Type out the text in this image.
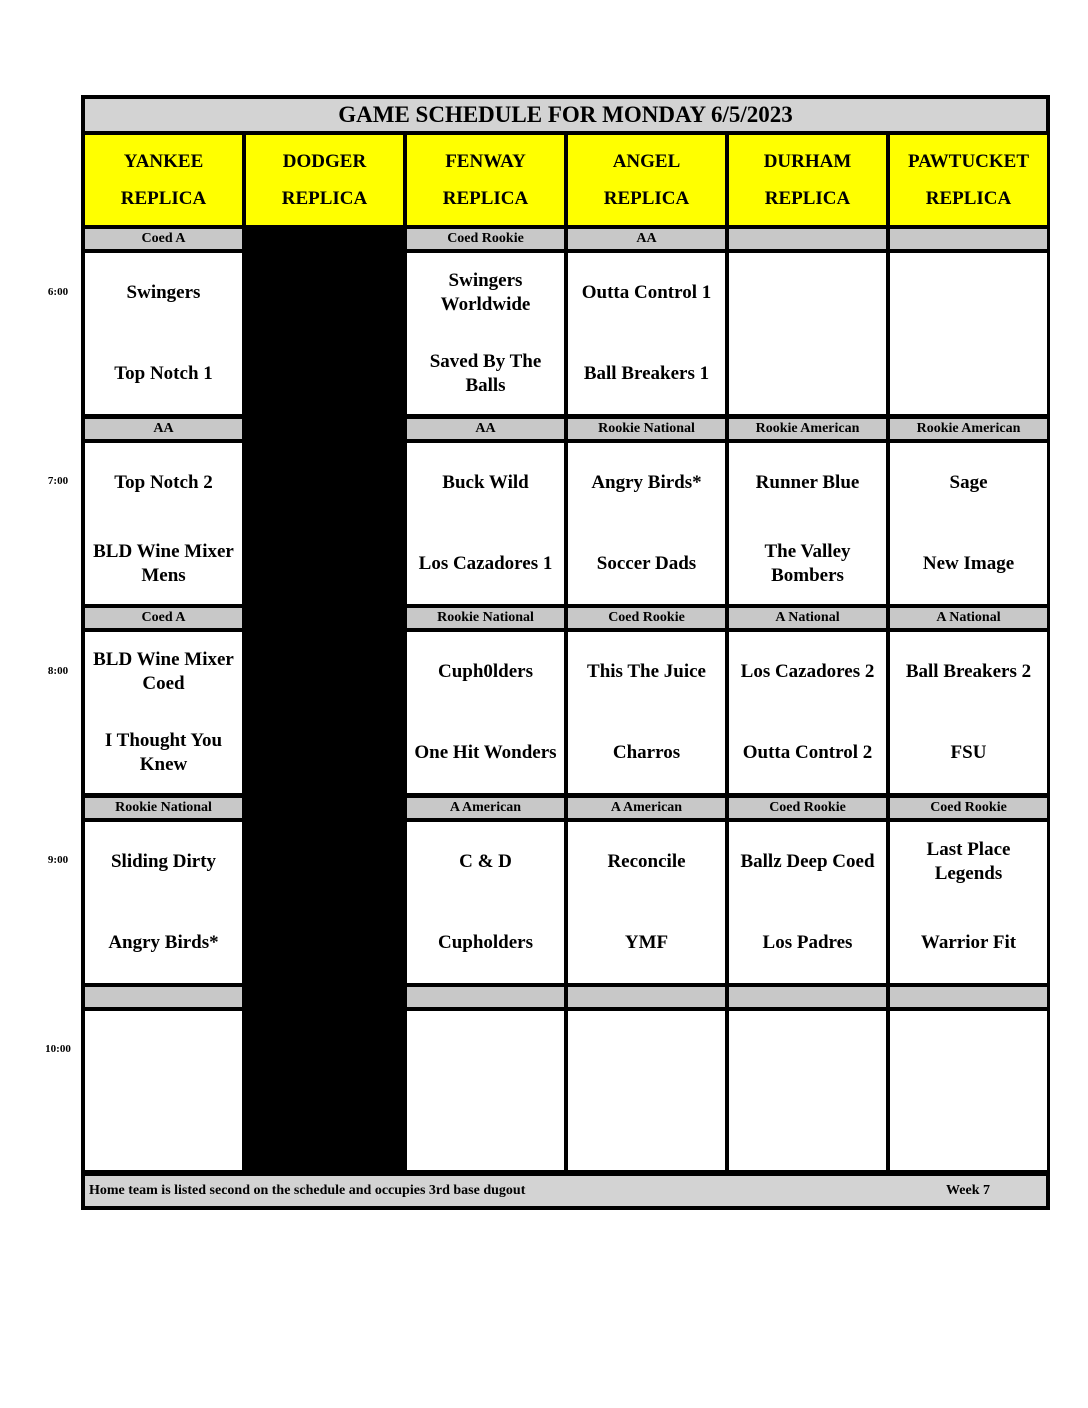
GAME SCHEDULE FOR MONDAY 6/5/2023
YANKEE
REPLICA
DODGER
REPLICA
FENWAY
REPLICA
ANGEL
REPLICA
DURHAM
REPLICA
PAWTUCKET
REPLICA
Coed A
Swingers
Top Notch 1
Coed Rookie
Swingers Worldwide
Saved By The Balls
AA
Outta Control 1
Ball Breakers 1
AA
Top Notch 2
BLD Wine Mixer Mens
AA
Buck Wild
Los Cazadores 1
Rookie National
Angry Birds*
Soccer Dads
Rookie American
Runner Blue
The Valley Bombers
Rookie American
Sage
New Image
Coed A
BLD Wine Mixer Coed
I Thought You Knew
Rookie National
Cuph0lders
One Hit Wonders
Coed Rookie
This The Juice
Charros
A National
Los Cazadores 2
Outta Control 2
A National
Ball Breakers 2
FSU
Rookie National
Sliding Dirty
Angry Birds*
A American
C & D
Cupholders
A American
Reconcile
YMF
Coed Rookie
Ballz Deep Coed
Los Padres
Coed Rookie
Last Place Legends
Warrior Fit
Home team is listed second on the schedule and occupies 3rd base dugout	Week 7
6:00
7:00
8:00
9:00
10:00
